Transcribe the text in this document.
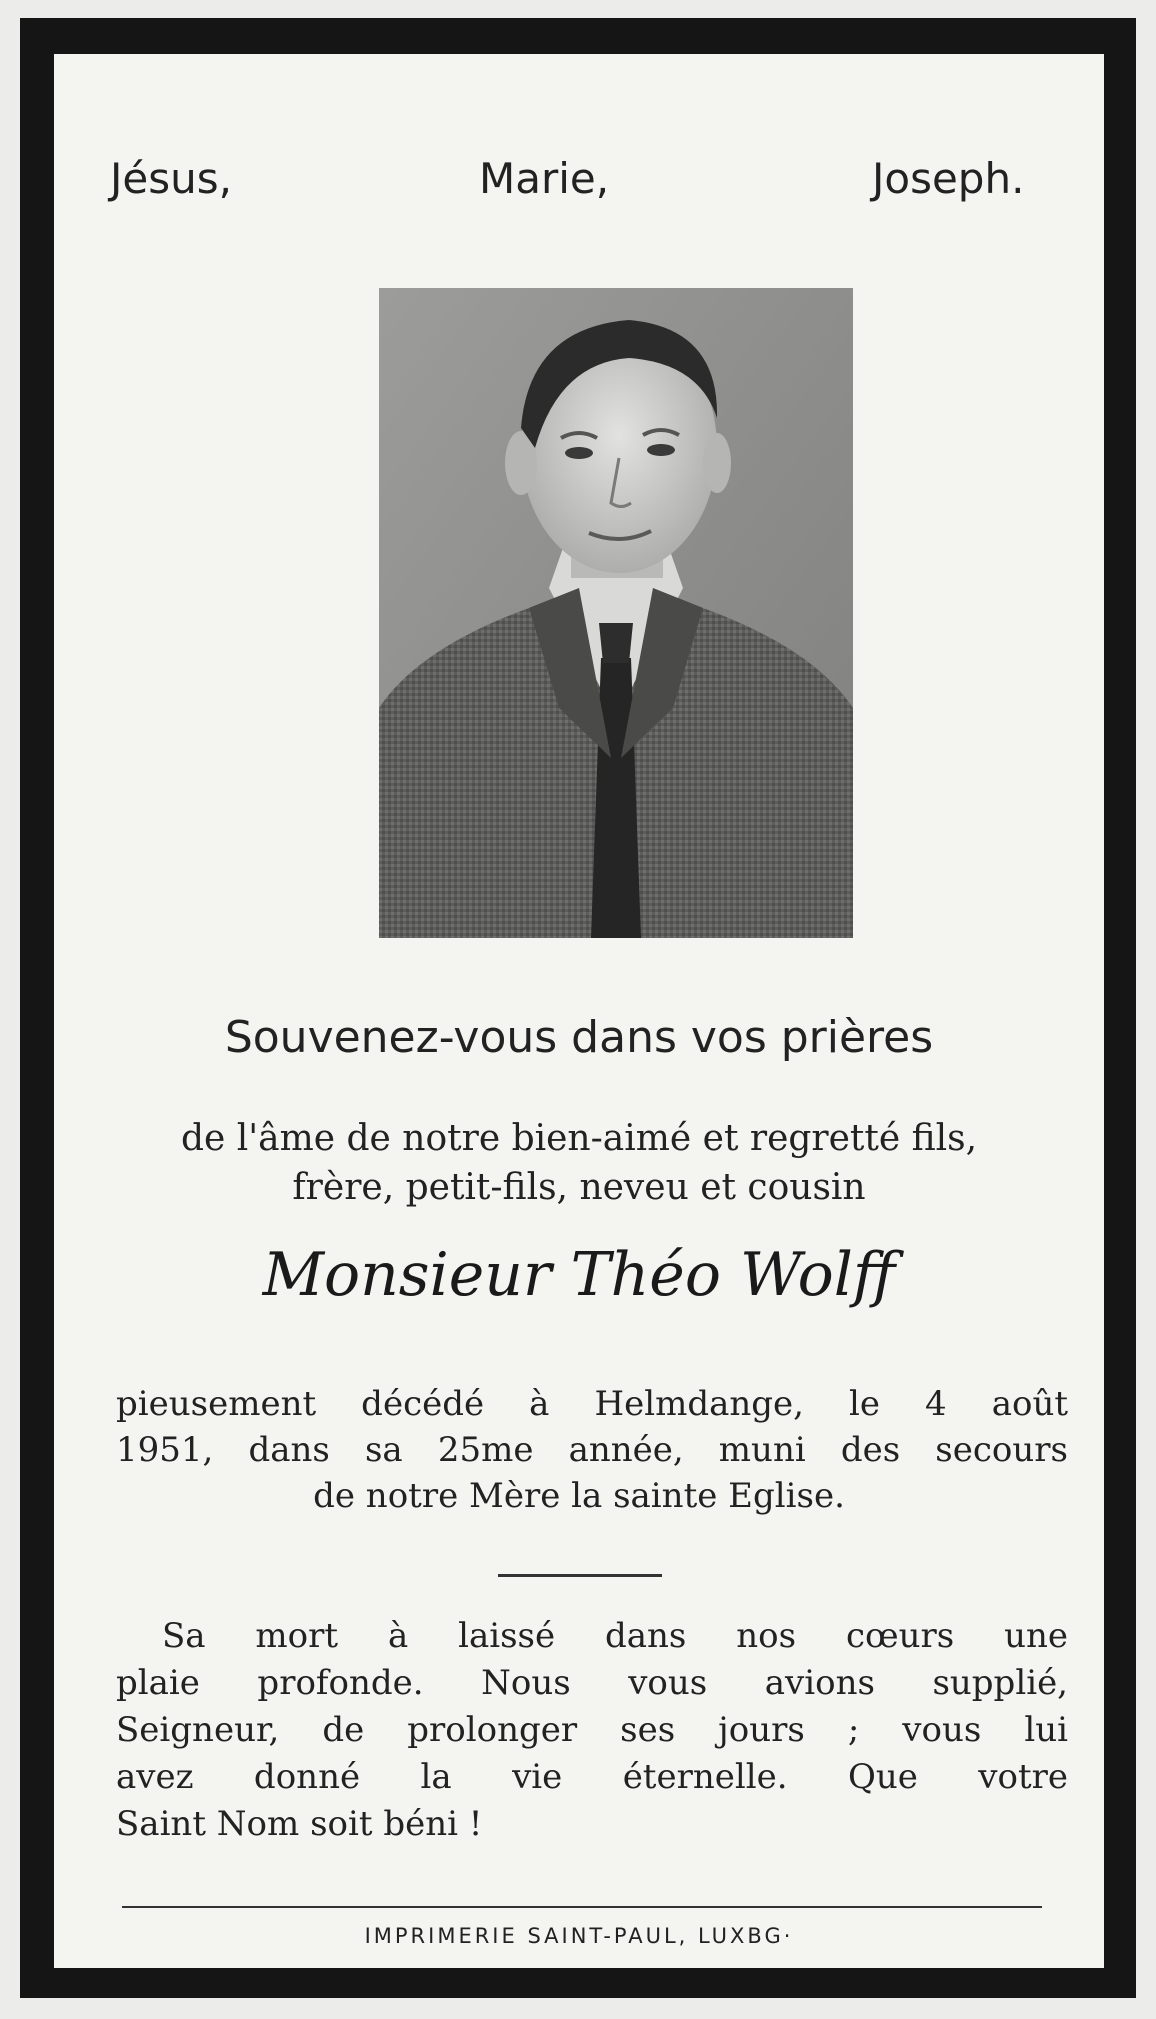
Jésus,	Marie,	Joseph.
Souvenez-vous dans vos prières
de l'âme de notre bien-aimé et regretté fils,
frère, petit-fils, neveu et cousin
Monsieur Théo Wolff
pieusement décédé à Helmdange, le 4 août
1951, dans sa 25me année, muni des secours
de notre Mère la sainte Eglise.
Sa mort à laissé dans nos cœurs une
plaie profonde. Nous vous avions supplié,
Seigneur, de prolonger ses jours ; vous lui
avez donné la vie éternelle. Que votre
Saint Nom soit béni !
IMPRIMERIE SAINT-PAUL, LUXBG·
